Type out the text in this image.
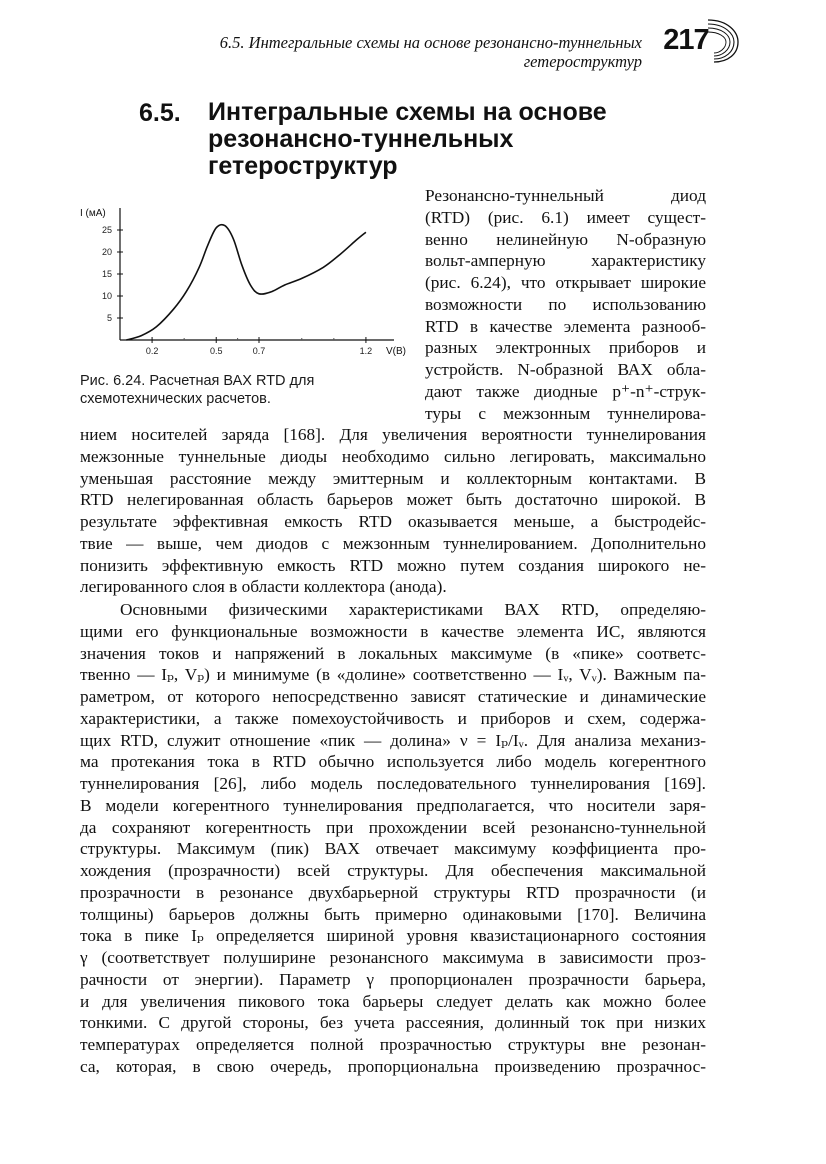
6.5. Интегральные схемы на основе резонансно-туннельных
гетероструктур
217
6.5. Интегральные схемы на основе
резонансно-туннельных
гетероструктур
5
10
15
20
25
0.2	0.5	0.7	1.2
I (мА)
V(B)
Рис. 6.24. Расчетная ВАХ RTD для
схемотехнических расчетов.
Резонансно-туннельный диод
(RTD) (рис. 6.1) имеет сущест-
венно нелинейную N-образную
вольт-амперную характеристику
(рис. 6.24), что открывает широкие
возможности по использованию
RTD в качестве элемента разнооб-
разных электронных приборов и
устройств. N-образной ВАХ обла-
дают также диодные p⁺-n⁺-струк-
туры с межзонным туннелирова-
нием носителей заряда [168]. Для увеличения вероятности туннелирования
межзонные туннельные диоды необходимо сильно легировать, максимально
уменьшая расстояние между эмиттерным и коллекторным контактами. В
RTD нелегированная область барьеров может быть достаточно широкой. В
результате эффективная емкость RTD оказывается меньше, а быстродейс-
твие — выше, чем диодов с межзонным туннелированием. Дополнительно
понизить эффективную емкость RTD можно путем создания широкого не-
легированного слоя в области коллектора (анода).
Основными физическими характеристиками ВАХ RTD, определяю-
щими его функциональные возможности в качестве элемента ИС, являются
значения токов и напряжений в локальных максимуме (в «пике» соответс-
твенно — Iₚ, Vₚ) и минимуме (в «долине» соответственно — Iᵥ, Vᵥ). Важным па-
раметром, от которого непосредственно зависят статические и динамические
характеристики, а также помехоустойчивость и приборов и схем, содержа-
щих RTD, служит отношение «пик — долина» ν = Iₚ/Iᵥ. Для анализа механиз-
ма протекания тока в RTD обычно используется либо модель когерентного
туннелирования [26], либо модель последовательного туннелирования [169].
В модели когерентного туннелирования предполагается, что носители заря-
да сохраняют когерентность при прохождении всей резонансно-туннельной
структуры. Максимум (пик) ВАХ отвечает максимуму коэффициента про-
хождения (прозрачности) всей структуры. Для обеспечения максимальной
прозрачности в резонансе двухбарьерной структуры RTD прозрачности (и
толщины) барьеров должны быть примерно одинаковыми [170]. Величина
тока в пике Iₚ определяется шириной уровня квазистационарного состояния
γ (соответствует полуширине резонансного максимума в зависимости проз-
рачности от энергии). Параметр γ пропорционален прозрачности барьера,
и для увеличения пикового тока барьеры следует делать как можно более
тонкими. С другой стороны, без учета рассеяния, долинный ток при низких
температурах определяется полной прозрачностью структуры вне резонан-
са, которая, в свою очередь, пропорциональна произведению прозрачнос-
